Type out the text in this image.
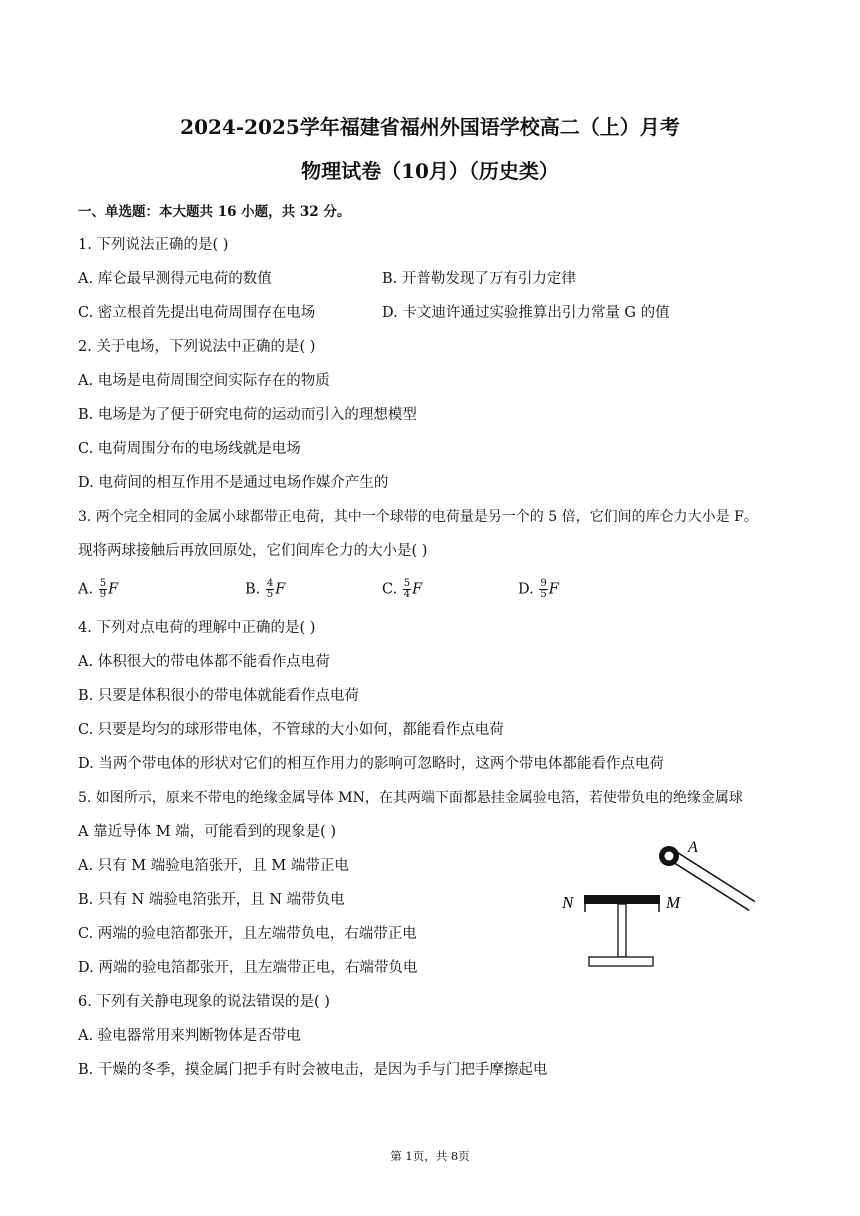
2024-2025学年福建省福州外国语学校高二（上）月考
物理试卷（10月）（历史类）
一、单选题：本大题共 16 小题，共 32 分。
1. 下列说法正确的是( )
A. 库仑最早测得元电荷的数值	B. 开普勒发现了万有引力定律
C. 密立根首先提出电荷周围存在电场	D. 卡文迪许通过实验推算出引力常量 G 的值
2. 关于电场，下列说法中正确的是( )
A. 电场是电荷周围空间实际存在的物质
B. 电场是为了便于研究电荷的运动而引入的理想模型
C. 电荷周围分布的电场线就是电场
D. 电荷间的相互作用不是通过电场作媒介产生的
3. 两个完全相同的金属小球都带正电荷，其中一个球带的电荷量是另一个的 5 倍，它们间的库仑力大小是 F。
现将两球接触后再放回原处，它们间库仑力的大小是( )
A. $\frac{5}{9}$ F	B. $\frac{4}{5}$ F	C. $\frac{5}{4}$ F	D. $\frac{9}{5}$ F
4. 下列对点电荷的理解中正确的是( )
A. 体积很大的带电体都不能看作点电荷
B. 只要是体积很小的带电体就能看作点电荷
C. 只要是均匀的球形带电体，不管球的大小如何，都能看作点电荷
D. 当两个带电体的形状对它们的相互作用力的影响可忽略时，这两个带电体都能看作点电荷
5. 如图所示，原来不带电的绝缘金属导体 MN，在其两端下面都悬挂金属验电箔，若使带负电的绝缘金属球
A 靠近导体 M 端，可能看到的现象是( )
A. 只有 M 端验电箔张开，且 M 端带正电
B. 只有 N 端验电箔张开，且 N 端带负电
C. 两端的验电箔都张开，且左端带负电，右端带正电
D. 两端的验电箔都张开，且左端带正电，右端带负电
A
N	M
6. 下列有关静电现象的说法错误的是( )
A. 验电器常用来判断物体是否带电
B. 干燥的冬季，摸金属门把手有时会被电击，是因为手与门把手摩擦起电
第 1页，共 8页
